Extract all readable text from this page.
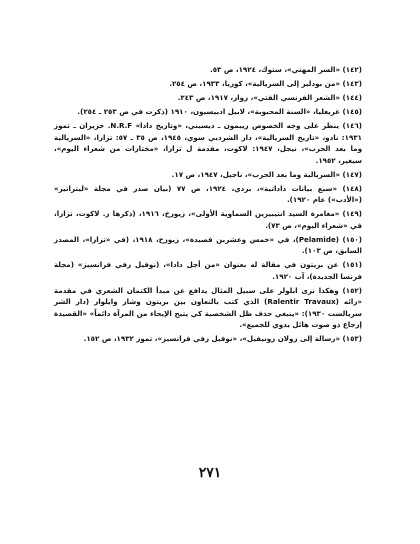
(١٤٢) «السر المهني»، ستوك، ١٩٢٤، ص ٥٣.

(١٤٣) «من بودلير إلى السريالية»، كوريا، ١٩٣٣، ص ٢٥٤.

(١٤٤) «الشعر الفرنسي الفتي»، روار، ١٩١٧، ص ٢٤٣.

(١٤٥) غريغليا، «السنة المحبوبة»، لابيل ادبيسيون، ١٩١٠ (ذكرت في ص ٢٥٣ ـ ٢٥٤).

(١٤٦) ينظر على وجه الخصوص ريبمون ـ ديسيني، «وتاريخ دادا» N.R.F. حزيران ـ تموز ١٩٣١: نادو، «تاريخ السريالية»، دار الشرديي سوي، ١٩٤٥، ص ٣٥ ـ ٥٧: تزارا، «السريالية وما بعد الحرب»، نيجل، ١٩٤٧: لاكوت، مقدمة ل تزارا، «مختارات من شعراء اليوم»، سيغير، ١٩٥٢.

(١٤٧) «السريالية وما بعد الحرب»، ناجيل، ١٩٤٧، ص ١٧.

(١٤٨) «سبع بيانات داداتية»، بردي، ١٩٢٤، ص ٧٧ (بيان صدر في مجلة «ليتراتير» («الأدب») عام ١٩٢٠).

(١٤٩) «مغامرة السيد انتيبيرين السماوية الأولى»، زيورخ، ١٩١٦، (ذكرها ر. لاكوت، تزارا، في «شعراء اليوم»، ص ٧٣).

(١٥٠) (Pelamide)، في «خمس وعشرين قصيدة»، زيورخ، ١٩١٨، (في «تزارا»، المصدر السابق، ص ١٠٣).

(١٥١) عن بريتون في مقالة له بعنوان «من أجل دادا»، (نوفيل رفي فرانسيز» (مجلة فرنسا الجديدة)، آب ١٩٢٠.

(١٥٢) وهكذا نرى ابلولر على سبيل المثال يدافع عن مبدأ الكتمان الشعري في مقدمة «رائه (Ralentir Travaux) الذي كتب بالتعاون بين بريتون وشار وايلوار (دار الشر سريالست ١٩٣٠): «ينبغي حذف ظل الشخصية كي يتيح الإيحاء من المرآة دائماً» «القصيدة إرجاع ذو صوت هائل يدوي للجميع».

(١٥٣) «رسالة إلى رولان رونيفيل»، «نوفيل رفي فرانسيز»، تموز ١٩٣٢، ص ١٥٢.

٢٧١
